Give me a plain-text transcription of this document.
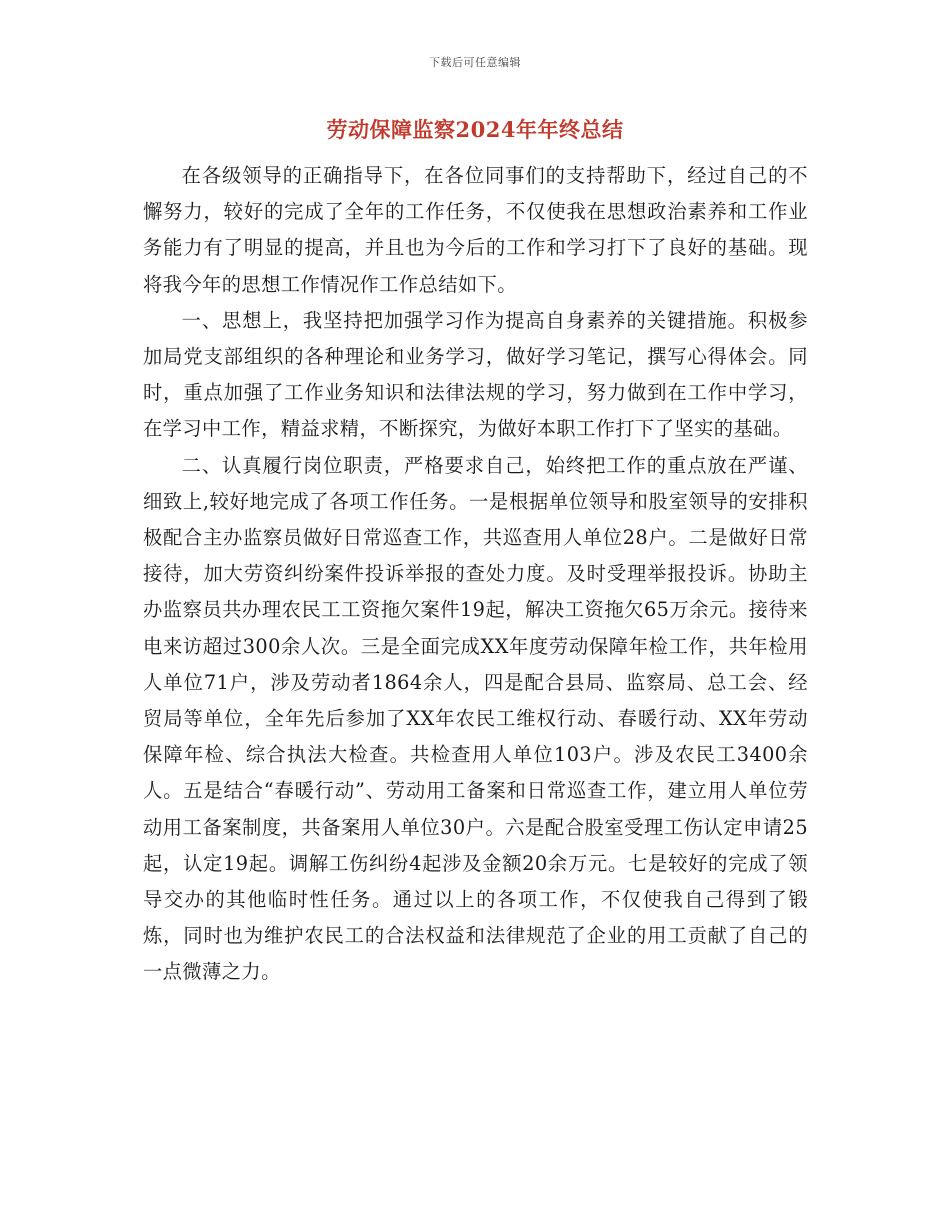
下载后可任意编辑
劳动保障监察2024年年终总结

在各级领导的正确指导下，在各位同事们的支持帮助下，经过自己的不懈努力，较好的完成了全年的工作任务，不仅使我在思想政治素养和工作业务能力有了明显的提高，并且也为今后的工作和学习打下了良好的基础。现将我今年的思想工作情况作工作总结如下。

一、思想上，我坚持把加强学习作为提高自身素养的关键措施。积极参加局党支部组织的各种理论和业务学习，做好学习笔记，撰写心得体会。同时，重点加强了工作业务知识和法律法规的学习，努力做到在工作中学习，在学习中工作，精益求精，不断探究，为做好本职工作打下了坚实的基础。

二、认真履行岗位职责，严格要求自己，始终把工作的重点放在严谨、细致上,较好地完成了各项工作任务。一是根据单位领导和股室领导的安排积极配合主办监察员做好日常巡查工作，共巡查用人单位28户。二是做好日常接待，加大劳资纠纷案件投诉举报的查处力度。及时受理举报投诉。协助主办监察员共办理农民工工资拖欠案件19起，解决工资拖欠65万余元。接待来电来访超过300余人次。三是全面完成XX年度劳动保障年检工作，共年检用人单位71户，涉及劳动者1864余人，四是配合县局、监察局、总工会、经贸局等单位，全年先后参加了XX年农民工维权行动、春暖行动、XX年劳动保障年检、综合执法大检查。共检查用人单位103户。涉及农民工3400余人。五是结合“春暖行动”、劳动用工备案和日常巡查工作，建立用人单位劳动用工备案制度，共备案用人单位30户。六是配合股室受理工伤认定申请25起，认定19起。调解工伤纠纷4起涉及金额20余万元。七是较好的完成了领导交办的其他临时性任务。通过以上的各项工作，不仅使我自己得到了锻炼，同时也为维护农民工的合法权益和法律规范了企业的用工贡献了自己的一点微薄之力。
